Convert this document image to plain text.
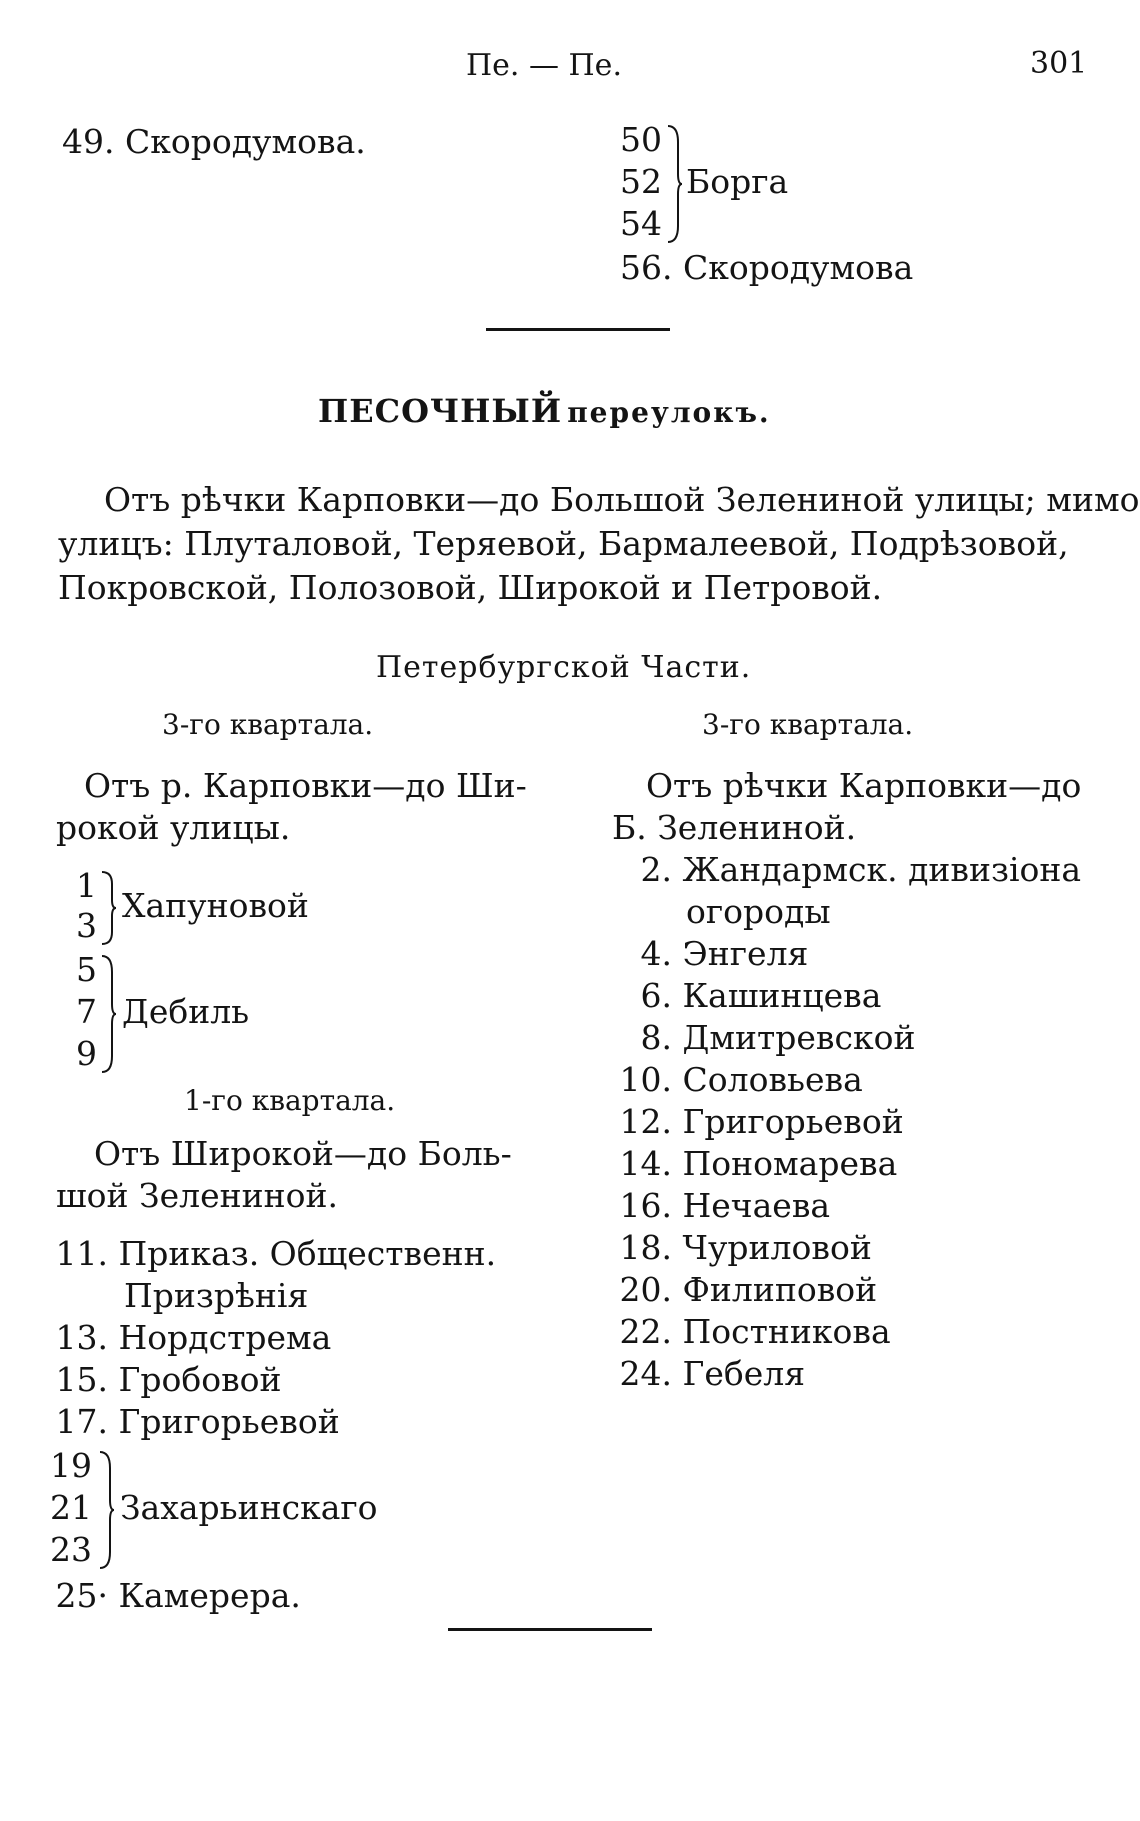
Пе. — Пе.	301
49. Скородумова.	50
52
54
Борга
56. Скородумова
ПЕСОЧНЫЙ переулокъ.
Отъ рѣчки Карповки—до Большой Зелениной улицы; мимо
улицъ: Плуталовой, Теряевой, Бармалеевой, Подрѣзовой,
Покровской, Полозовой, Широкой и Петровой.
Петербургской Части.
3-го квартала.
Отъ р. Карповки—до Ши-
рокой улицы.
1
3
Хапуновой
5
7
9
Дебиль
1-го квартала.
Отъ Широкой—до Боль-
шой Зелениной.
11. Приказ. Общественн.
Призрѣнія
13. Нордстрема
15. Гробовой
17. Григорьевой
19
21
23
Захарьинскаго
25· Камерера.
3-го квартала.
Отъ рѣчки Карповки—до
Б. Зелениной.
2. Жандармск. дивизіона
огороды
4. Энгеля
6. Кашинцева
8. Дмитревской
10. Соловьева
12. Григорьевой
14. Пономарева
16. Нечаева
18. Чуриловой
20. Филиповой
22. Постникова
24. Гебеля
